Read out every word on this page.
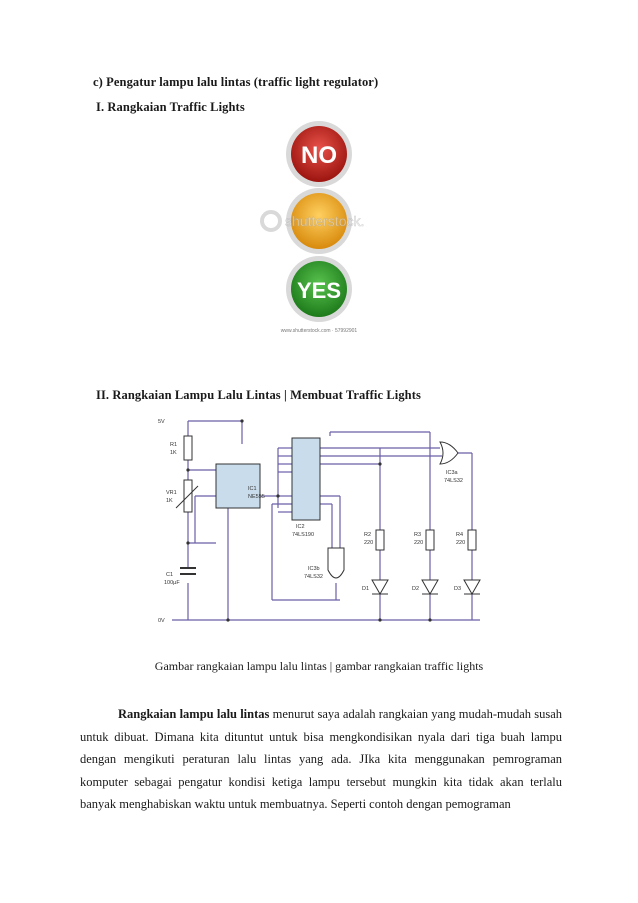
c) Pengatur lampu lalu lintas (traffic light regulator)
I. Rangkaian Traffic Lights
NO
YES
shutterstock.
www.shutterstock.com · 57992901
II. Rangkaian Lampu Lalu Lintas | Membuat Traffic Lights
5V
0V
R1
1K
VR1
1K
C1
100µF
IC1
NE555
IC2
74LS190
IC3a
74LS32
IC3b
74LS32
R2
220
R3
220
R4
220
D1	D2	D3
Gambar rangkaian lampu lalu lintas | gambar rangkaian traffic lights
Rangkaian lampu lalu lintas menurut saya adalah rangkaian yang mudah-mudah susah untuk dibuat. Dimana kita dituntut untuk bisa mengkondisikan nyala dari tiga buah lampu dengan mengikuti peraturan lalu lintas yang ada. JIka kita menggunakan pemrograman komputer sebagai pengatur kondisi ketiga lampu tersebut mungkin kita tidak akan terlalu banyak menghabiskan waktu untuk membuatnya. Seperti contoh dengan pemograman
